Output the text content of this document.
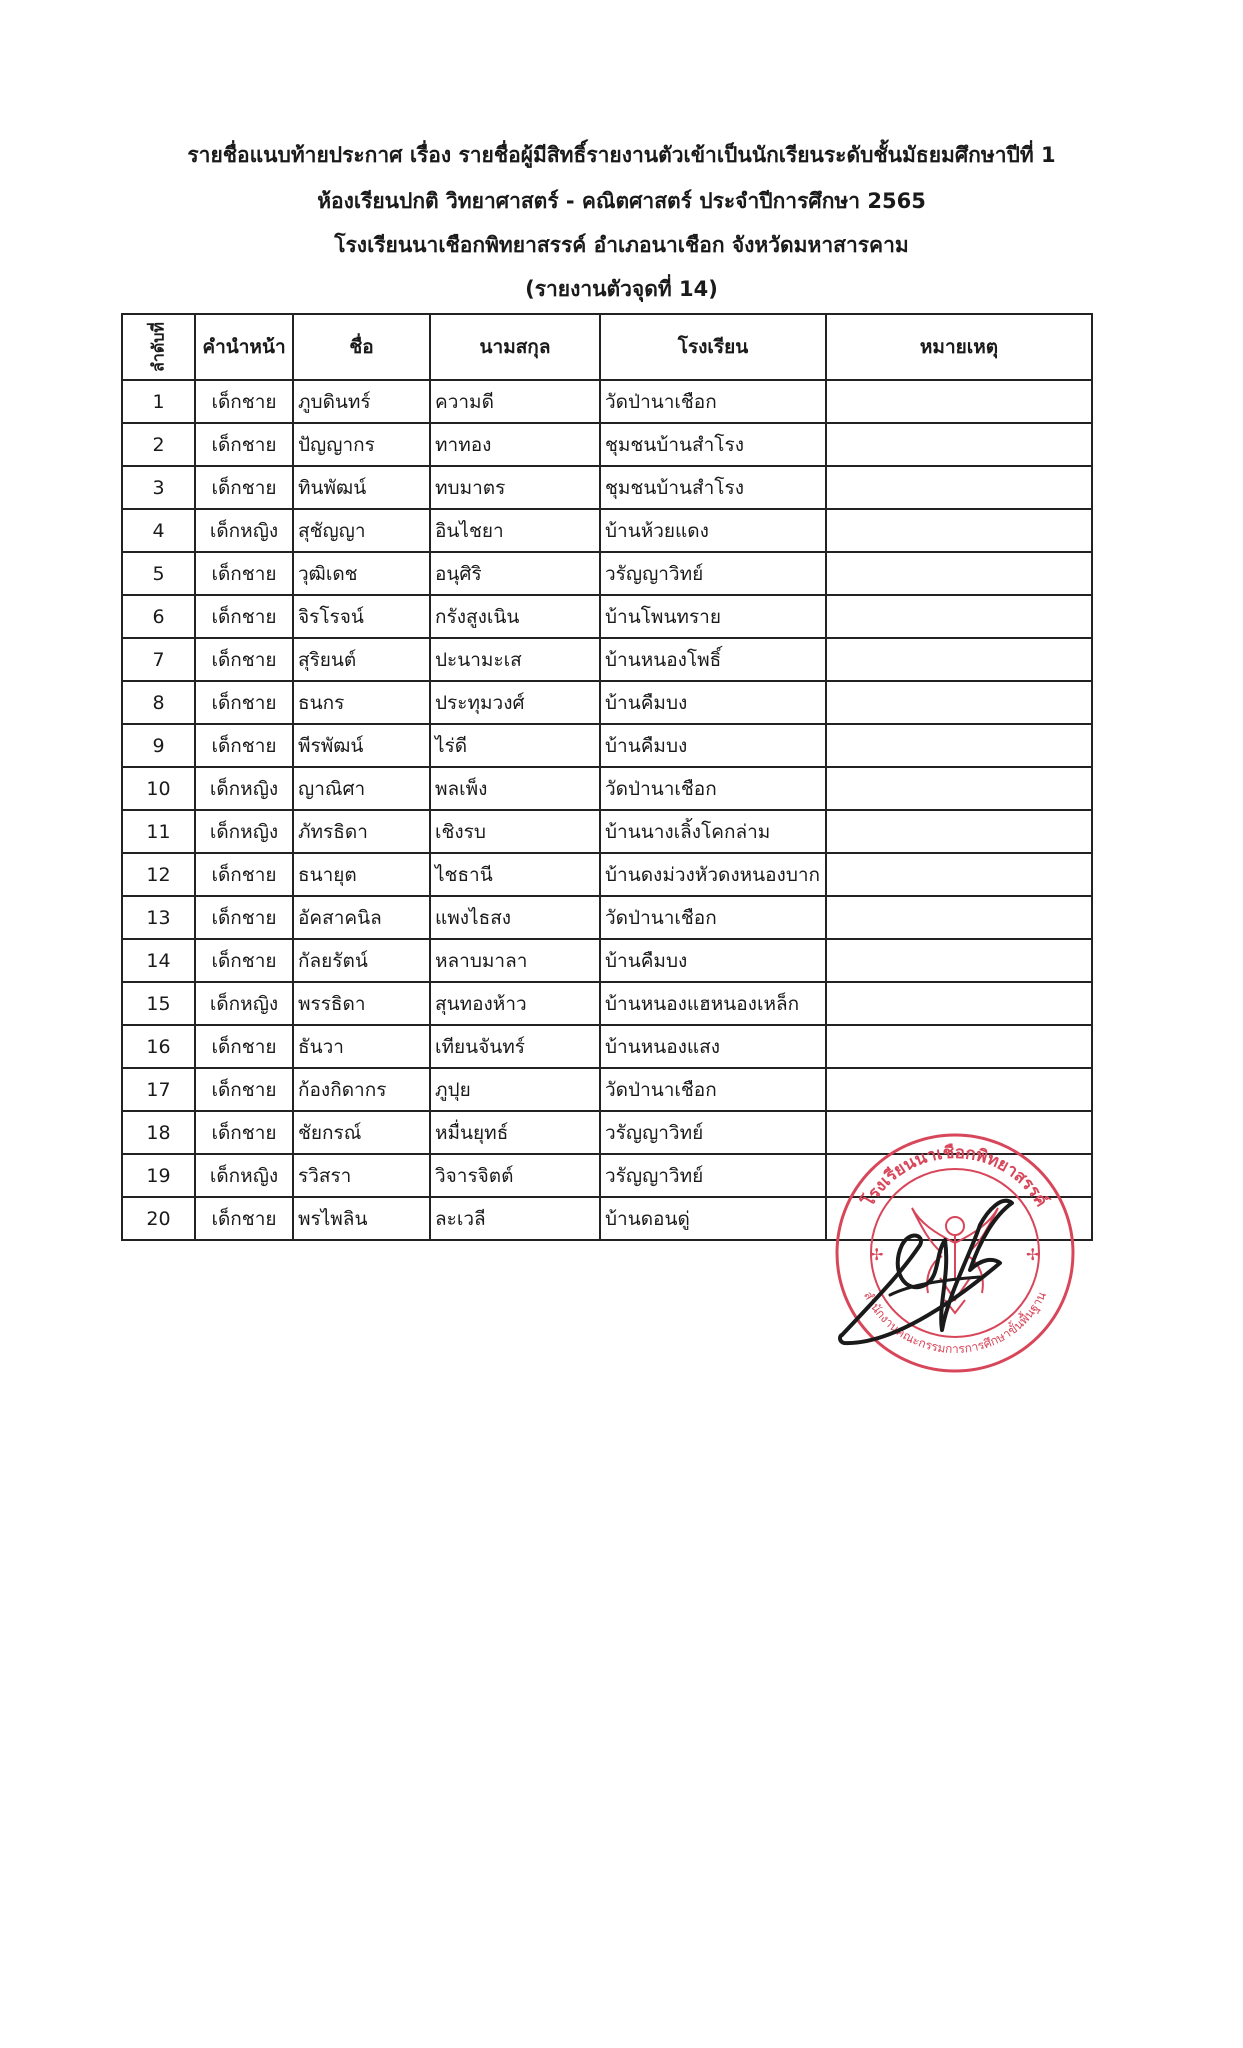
รายชื่อแนบท้ายประกาศ เรื่อง รายชื่อผู้มีสิทธิ์รายงานตัวเข้าเป็นนักเรียนระดับชั้นมัธยมศึกษาปีที่ 1
ห้องเรียนปกติ วิทยาศาสตร์ - คณิตศาสตร์ ประจำปีการศึกษา 2565
โรงเรียนนาเชือกพิทยาสรรค์ อำเภอนาเชือก จังหวัดมหาสารคาม
(รายงานตัวจุดที่ 14)
ลำดับที่	คำนำหน้า	ชื่อ	นามสกุล	โรงเรียน	หมายเหตุ
1	เด็กชาย	ภูบดินทร์	ความดี	วัดป่านาเชือก	
2	เด็กชาย	ปัญญากร	ทาทอง	ชุมชนบ้านสำโรง	
3	เด็กชาย	ทินพัฒน์	ทบมาตร	ชุมชนบ้านสำโรง	
4	เด็กหญิง	สุชัญญา	อินไชยา	บ้านห้วยแดง	
5	เด็กชาย	วุฒิเดช	อนุศิริ	วรัญญาวิทย์	
6	เด็กชาย	จิรโรจน์	กรังสูงเนิน	บ้านโพนทราย	
7	เด็กชาย	สุริยนต์	ปะนามะเส	บ้านหนองโพธิ์	
8	เด็กชาย	ธนกร	ประทุมวงศ์	บ้านคืมบง	
9	เด็กชาย	พีรพัฒน์	ไร่ดี	บ้านคืมบง	
10	เด็กหญิง	ญาณิศา	พลเพ็ง	วัดป่านาเชือก	
11	เด็กหญิง	ภัทรธิดา	เชิงรบ	บ้านนางเลิ้งโคกล่าม	
12	เด็กชาย	ธนายุต	ไชธานี	บ้านดงม่วงหัวดงหนองบาก	
13	เด็กชาย	อัคสาคนิล	แพงไธสง	วัดป่านาเชือก	
14	เด็กชาย	กัลยรัตน์	หลาบมาลา	บ้านคืมบง	
15	เด็กหญิง	พรรธิดา	สุนทองห้าว	บ้านหนองแฮหนองเหล็ก	
16	เด็กชาย	ธันวา	เทียนจันทร์	บ้านหนองแสง	
17	เด็กชาย	ก้องกิดากร	ภูปุย	วัดป่านาเชือก	
18	เด็กชาย	ชัยกรณ์	หมื่นยุทธ์	วรัญญาวิทย์	
19	เด็กหญิง	รวิสรา	วิจารจิตต์	วรัญญาวิทย์	
20	เด็กชาย	พรไพลิน	ละเวลี	บ้านดอนดู่	
โรงเรียนนาเชือกพิทยาสรรค์
สำนักงานคณะกรรมการการศึกษาขั้นพื้นฐาน
✢	✢
